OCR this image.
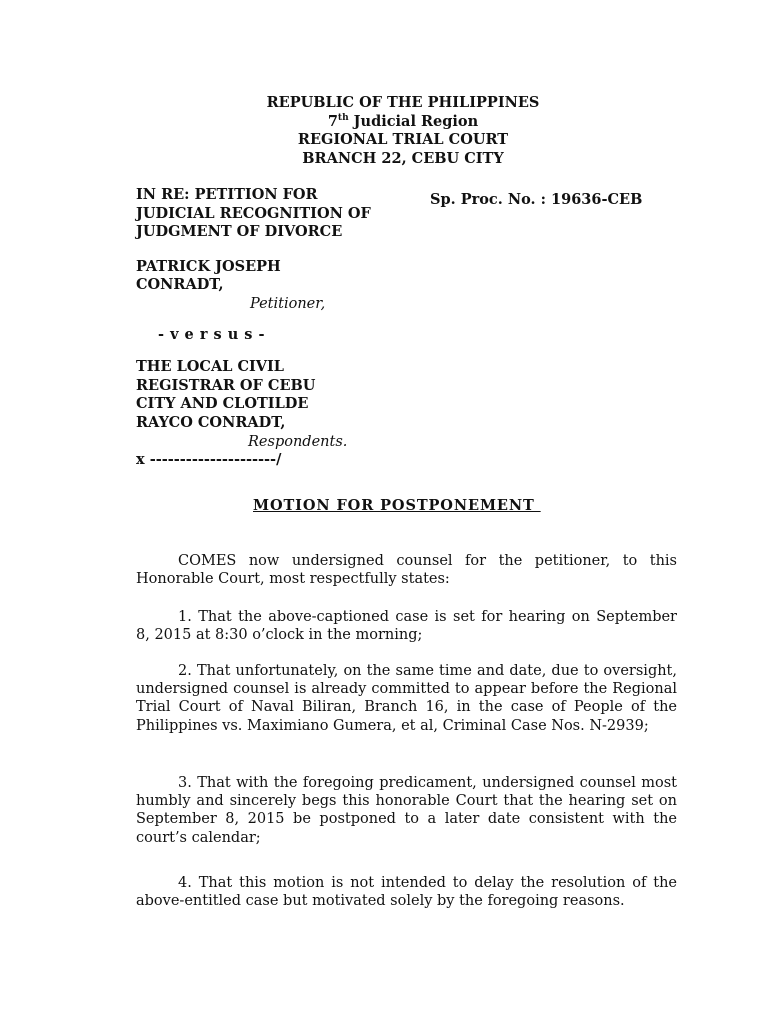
REPUBLIC OF THE PHILIPPINES
7th Judicial Region
REGIONAL TRIAL COURT
BRANCH 22, CEBU CITY
IN RE: PETITION FOR
JUDICIAL RECOGNITION OF
JUDGMENT OF DIVORCE
PATRICK JOSEPH
CONRADT,
Petitioner,
- v e r s u s -
THE LOCAL CIVIL
REGISTRAR OF CEBU
CITY AND CLOTILDE
RAYCO CONRADT,
Respondents.
x ---------------------/
Sp. Proc. No. : 19636-CEB
MOTION FOR POSTPONEMENT
COMES now undersigned counsel for the petitioner, to this Honorable Court, most respectfully states:
1. That the above-captioned case is set for hearing on September 8, 2015 at 8:30 o’clock in the morning;
2. That unfortunately, on the same time and date, due to oversight, undersigned counsel is already committed to appear before the Regional Trial Court of Naval Biliran, Branch 16, in the case of People of the Philippines vs. Maximiano Gumera, et al, Criminal Case Nos. N-2939;
3. That with the foregoing predicament, undersigned counsel most humbly and sincerely begs this honorable Court that the hearing set on September 8, 2015 be postponed to a later date consistent with the court’s calendar;
4. That this motion is not intended to delay the resolution of the above-entitled case but motivated solely by the foregoing reasons.
